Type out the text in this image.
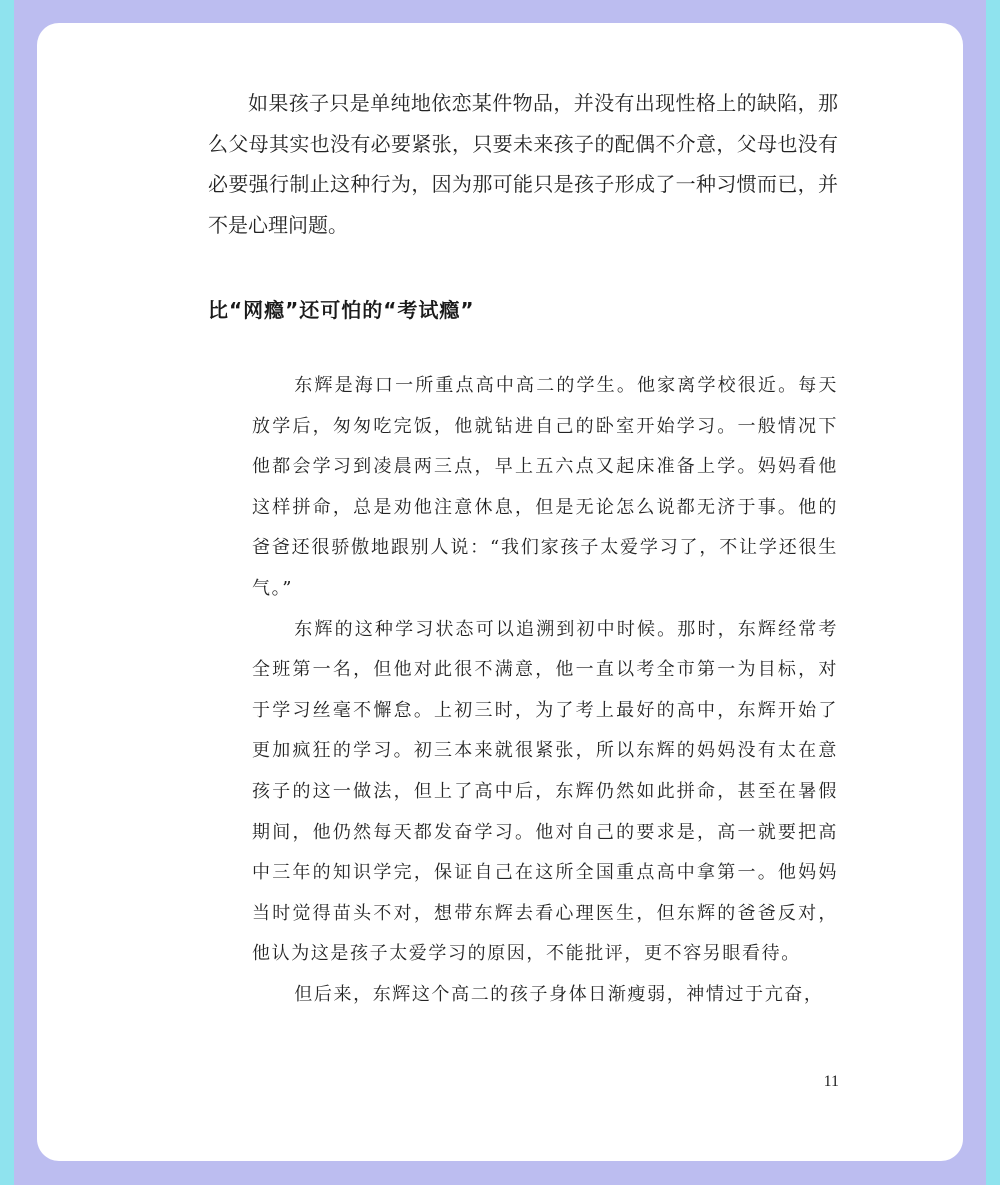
如果孩子只是单纯地依恋某件物品，并没有出现性格上的缺陷，那么父母其实也没有必要紧张，只要未来孩子的配偶不介意，父母也没有必要强行制止这种行为，因为那可能只是孩子形成了一种习惯而已，并不是心理问题。

比“网瘾”还可怕的“考试瘾”

东辉是海口一所重点高中高二的学生。他家离学校很近。每天放学后，匆匆吃完饭，他就钻进自己的卧室开始学习。一般情况下他都会学习到凌晨两三点，早上五六点又起床准备上学。妈妈看他这样拼命，总是劝他注意休息，但是无论怎么说都无济于事。他的爸爸还很骄傲地跟别人说：“我们家孩子太爱学习了，不让学还很生气。”

东辉的这种学习状态可以追溯到初中时候。那时，东辉经常考全班第一名，但他对此很不满意，他一直以考全市第一为目标，对于学习丝毫不懈怠。上初三时，为了考上最好的高中，东辉开始了更加疯狂的学习。初三本来就很紧张，所以东辉的妈妈没有太在意孩子的这一做法，但上了高中后，东辉仍然如此拼命，甚至在暑假期间，他仍然每天都发奋学习。他对自己的要求是，高一就要把高中三年的知识学完，保证自己在这所全国重点高中拿第一。他妈妈当时觉得苗头不对，想带东辉去看心理医生，但东辉的爸爸反对，他认为这是孩子太爱学习的原因，不能批评，更不容另眼看待。

但后来，东辉这个高二的孩子身体日渐瘦弱，神情过于亢奋，

11
